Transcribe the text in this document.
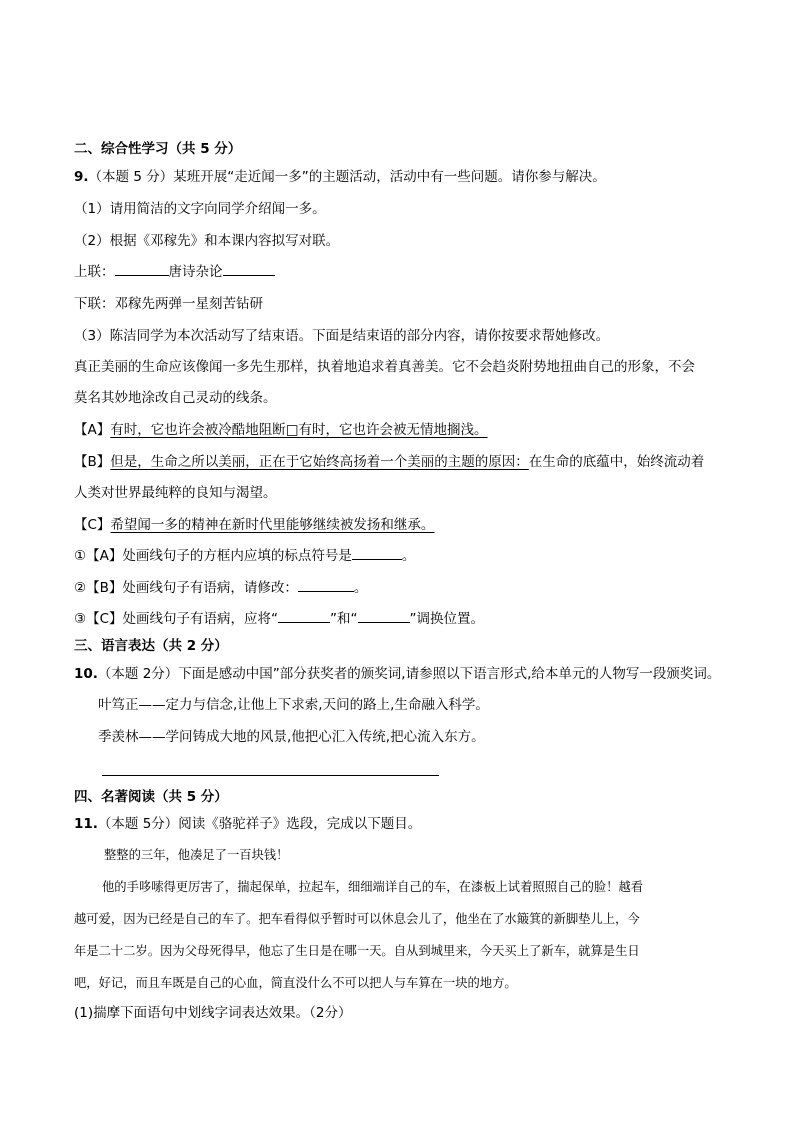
二、综合性学习（共 5 分）

9.（本题 5 分）某班开展“走近闻一多”的主题活动，活动中有一些问题。请你参与解决。

（1）请用简洁的文字向同学介绍闻一多。

（2）根据《邓稼先》和本课内容拟写对联。

上联：	唐诗杂论

下联：邓稼先两弹一星刻苦钻研

（3）陈洁同学为本次活动写了结束语。下面是结束语的部分内容，请你按要求帮她修改。

真正美丽的生命应该像闻一多先生那样，执着地追求着真善美。它不会趋炎附势地扭曲自己的形象，不会

莫名其妙地涂改自己灵动的线条。

【A】有时，它也许会被冷酷地阻断□有时，它也许会被无情地搁浅。

【B】但是，生命之所以美丽，正在于它始终高扬着一个美丽的主题的原因：在生命的底蕴中，始终流动着

人类对世界最纯粹的良知与渴望。

【C】希望闻一多的精神在新时代里能够继续被发扬和继承。

①【A】处画线句子的方框内应填的标点符号是	。

②【B】处画线句子有语病，请修改：	。

③【C】处画线句子有语病，应将“	”和“	”调换位置。

三、语言表达（共 2 分）

10.（本题 2分）下面是感动中国”部分获奖者的颁奖词,请参照以下语言形式,给本单元的人物写一段颁奖词。

叶笃正——定力与信念,让他上下求索,天问的路上,生命融入科学。

季羡林——学问铸成大地的风景,他把心汇入传统,把心流入东方。

四、名著阅读（共 5 分）

11.（本题 5分）阅读《骆驼祥子》选段，完成以下题目。

整整的三年，他凑足了一百块钱！

他的手哆嗦得更厉害了，揣起保单，拉起车，细细端详自己的车，在漆板上试着照照自己的脸！越看

越可爱，因为已经是自己的车了。把车看得似乎暂时可以休息会儿了，他坐在了水簸箕的新脚垫儿上，今

年是二十二岁。因为父母死得早，他忘了生日是在哪一天。自从到城里来，今天买上了新车，就算是生日

吧，好记，而且车既是自己的心血，简直没什么不可以把人与车算在一块的地方。

(1)揣摩下面语句中划线字词表达效果。（2分）
